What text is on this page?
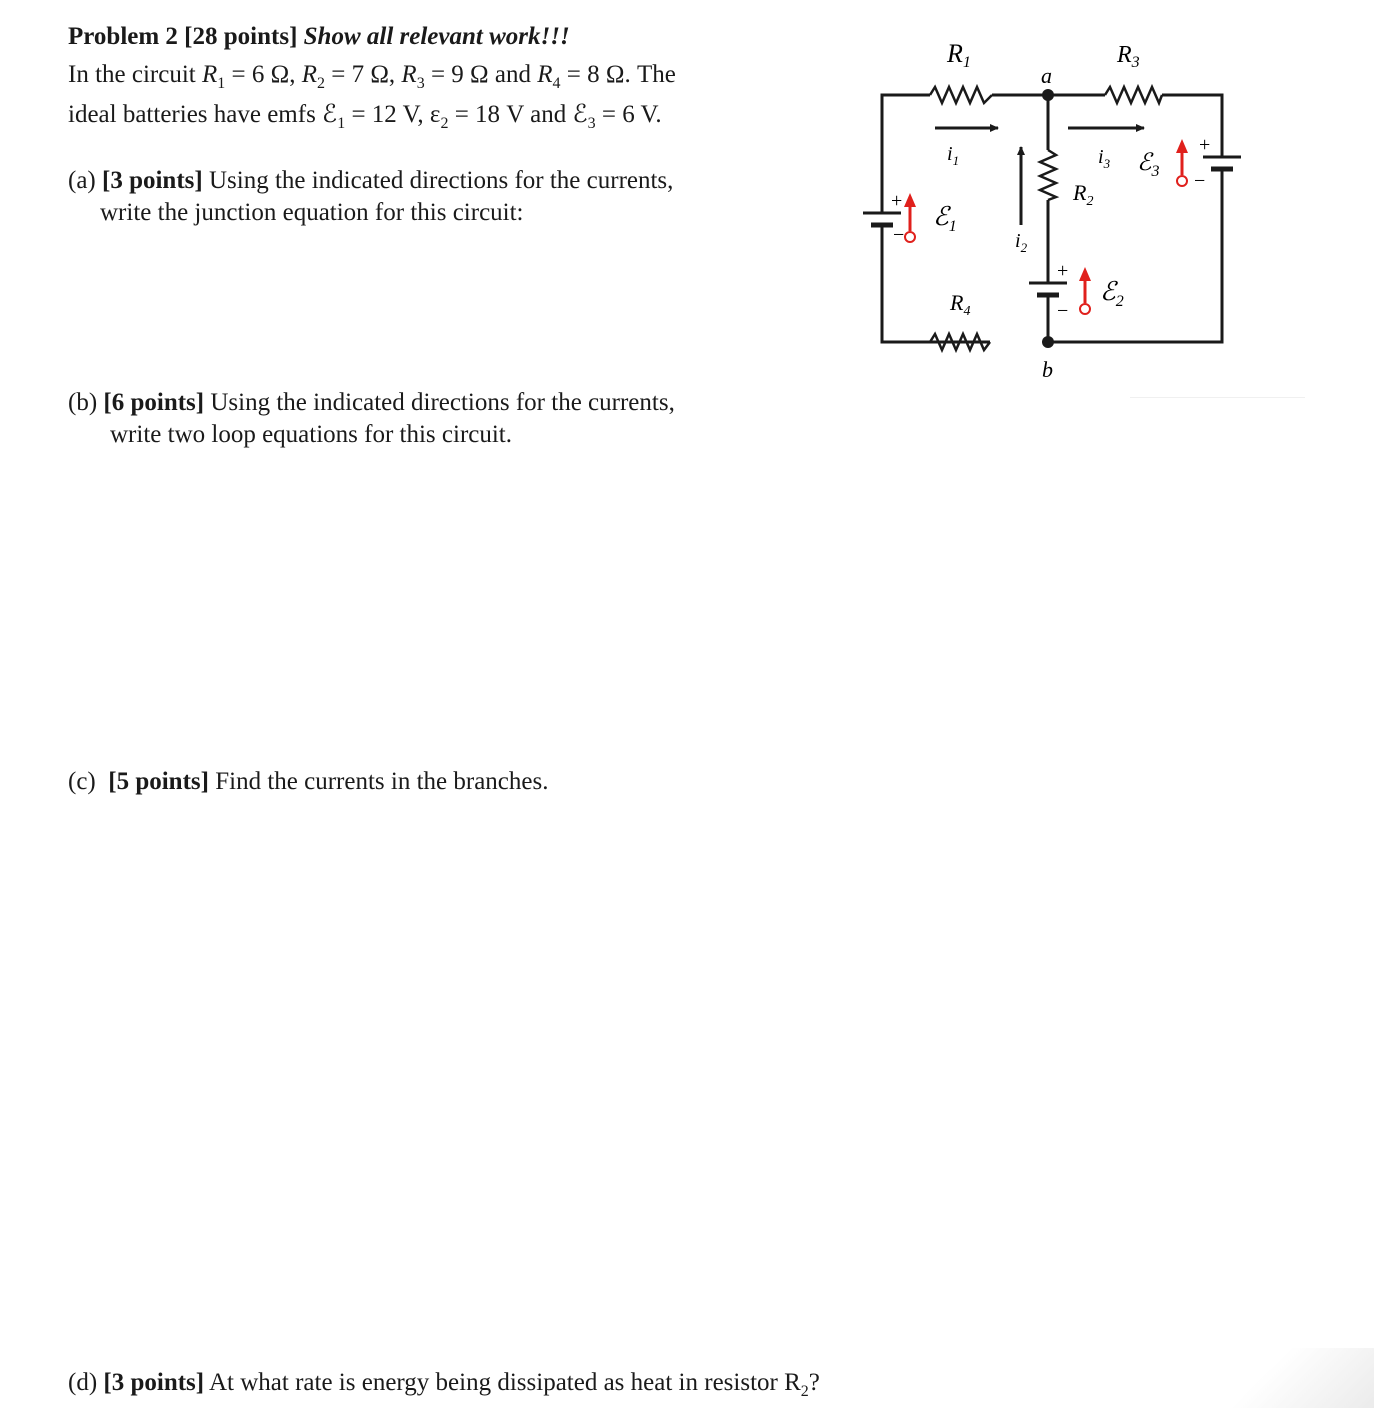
Problem 2 [28 points] Show all relevant work!!!
In the circuit $R_1 = 6$ Ω, $R_2 = 7$ Ω, $R_3 = 9$ Ω and $R_4 = 8$ Ω. The
ideal batteries have emfs ℰ$_1$ = 12 V, $\varepsilon_2 = 18$ V and ℰ$_3$ = 6 V.
(a) [3 points] Using the indicated directions for the currents,
write the junction equation for this circuit:
(b) [6 points] Using the indicated directions for the currents,
write two loop equations for this circuit.
(c) [5 points] Find the currents in the branches.
(d) [3 points] At what rate is energy being dissipated as heat in resistor $R_2$?
R1	$R_3$
$R_4$
$R_2$
a
b
$i_1$
$i_2$
$i_3$
ℰ$_1$
ℰ$_2$
ℰ$_3$
+
−
+
−
+
−
